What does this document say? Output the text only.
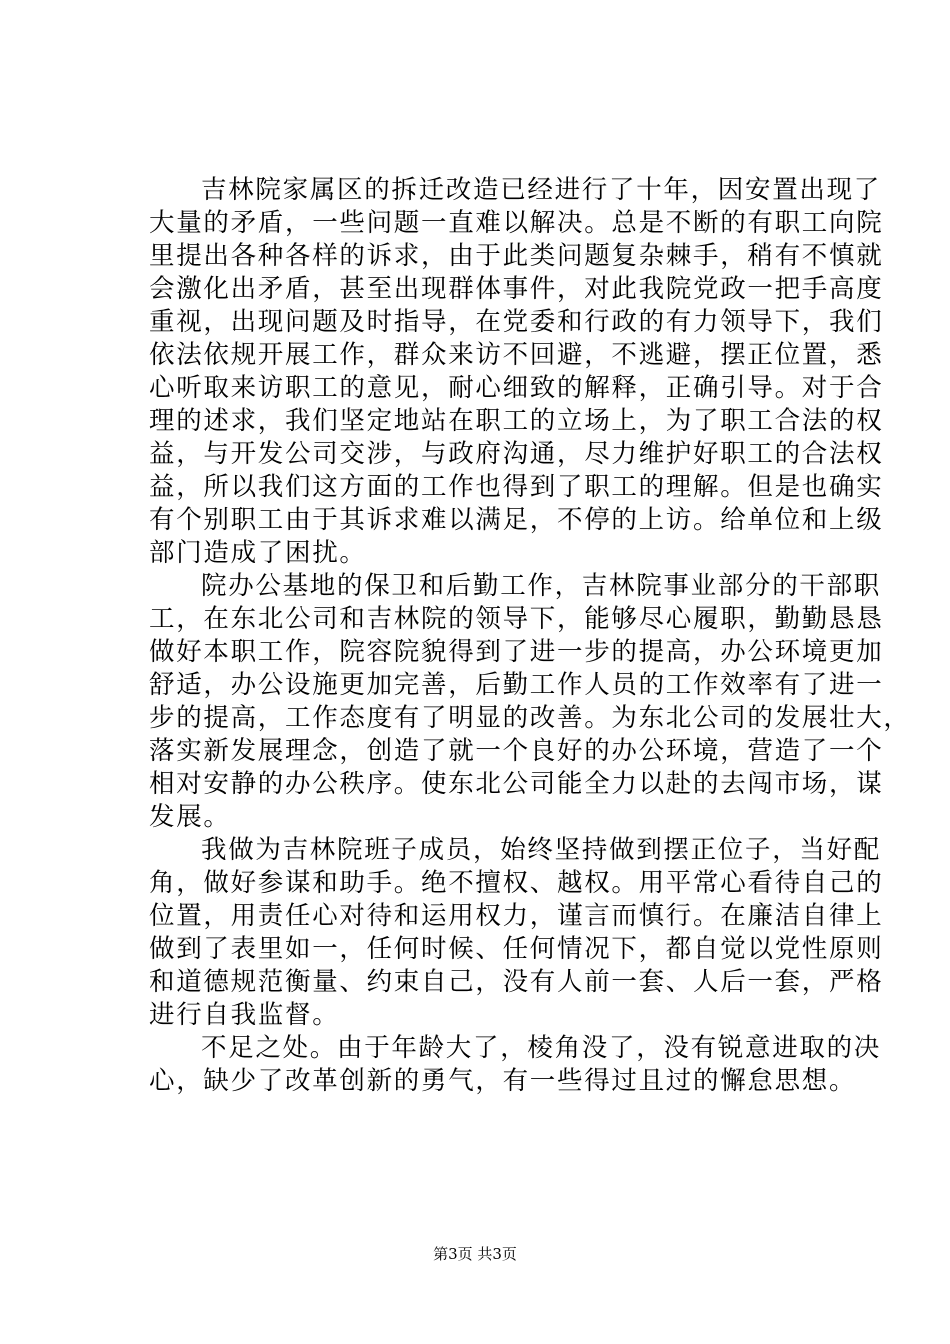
吉林院家属区的拆迁改造已经进行了十年，因安置出现了
大量的矛盾，一些问题一直难以解决。总是不断的有职工向院
里提出各种各样的诉求，由于此类问题复杂棘手，稍有不慎就
会激化出矛盾，甚至出现群体事件，对此我院党政一把手高度
重视，出现问题及时指导，在党委和行政的有力领导下，我们
依法依规开展工作，群众来访不回避，不逃避，摆正位置，悉
心听取来访职工的意见，耐心细致的解释，正确引导。对于合
理的述求，我们坚定地站在职工的立场上，为了职工合法的权
益，与开发公司交涉，与政府沟通，尽力维护好职工的合法权
益，所以我们这方面的工作也得到了职工的理解。但是也确实
有个别职工由于其诉求难以满足，不停的上访。给单位和上级
部门造成了困扰。
院办公基地的保卫和后勤工作，吉林院事业部分的干部职
工，在东北公司和吉林院的领导下，能够尽心履职，勤勤恳恳
做好本职工作，院容院貌得到了进一步的提高，办公环境更加
舒适，办公设施更加完善，后勤工作人员的工作效率有了进一
步的提高，工作态度有了明显的改善。为东北公司的发展壮大，
落实新发展理念，创造了就一个良好的办公环境，营造了一个
相对安静的办公秩序。使东北公司能全力以赴的去闯市场，谋
发展。
我做为吉林院班子成员，始终坚持做到摆正位子，当好配
角，做好参谋和助手。绝不擅权、越权。用平常心看待自己的
位置，用责任心对待和运用权力，谨言而慎行。在廉洁自律上
做到了表里如一，任何时候、任何情况下，都自觉以党性原则
和道德规范衡量、约束自己，没有人前一套、人后一套，严格
进行自我监督。
不足之处。由于年龄大了，棱角没了，没有锐意进取的决
心，缺少了改革创新的勇气，有一些得过且过的懈怠思想。
第3页 共3页
